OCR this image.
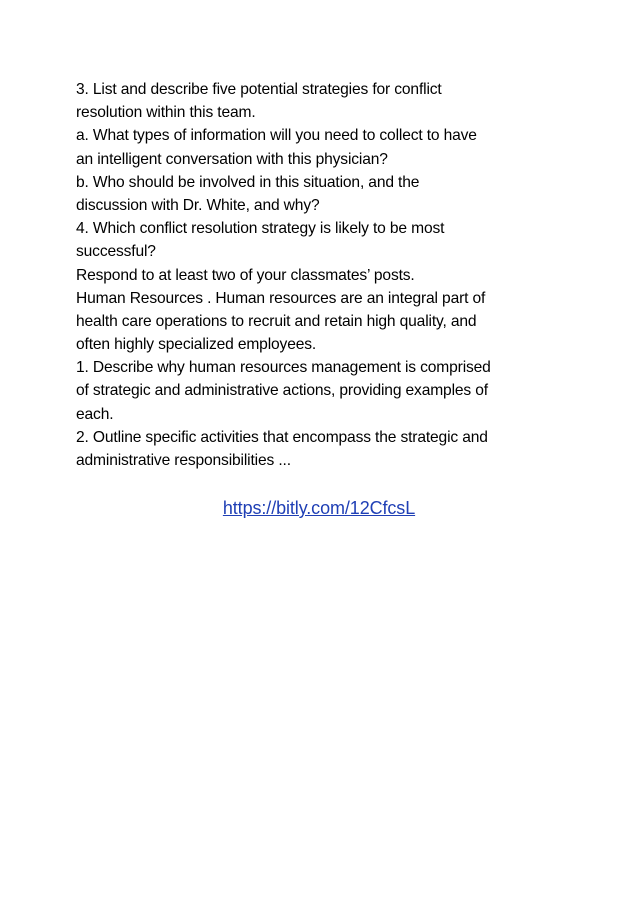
3. List and describe five potential strategies for conflict
resolution within this team.
a. What types of information will you need to collect to have
an intelligent conversation with this physician?
b. Who should be involved in this situation, and the
discussion with Dr. White, and why?
4. Which conflict resolution strategy is likely to be most
successful?
Respond to at least two of your classmates’ posts.
Human Resources . Human resources are an integral part of
health care operations to recruit and retain high quality, and
often highly specialized employees.
1. Describe why human resources management is comprised
of strategic and administrative actions, providing examples of
each.
2. Outline specific activities that encompass the strategic and
administrative responsibilities ...
https://bitly.com/12CfcsL
